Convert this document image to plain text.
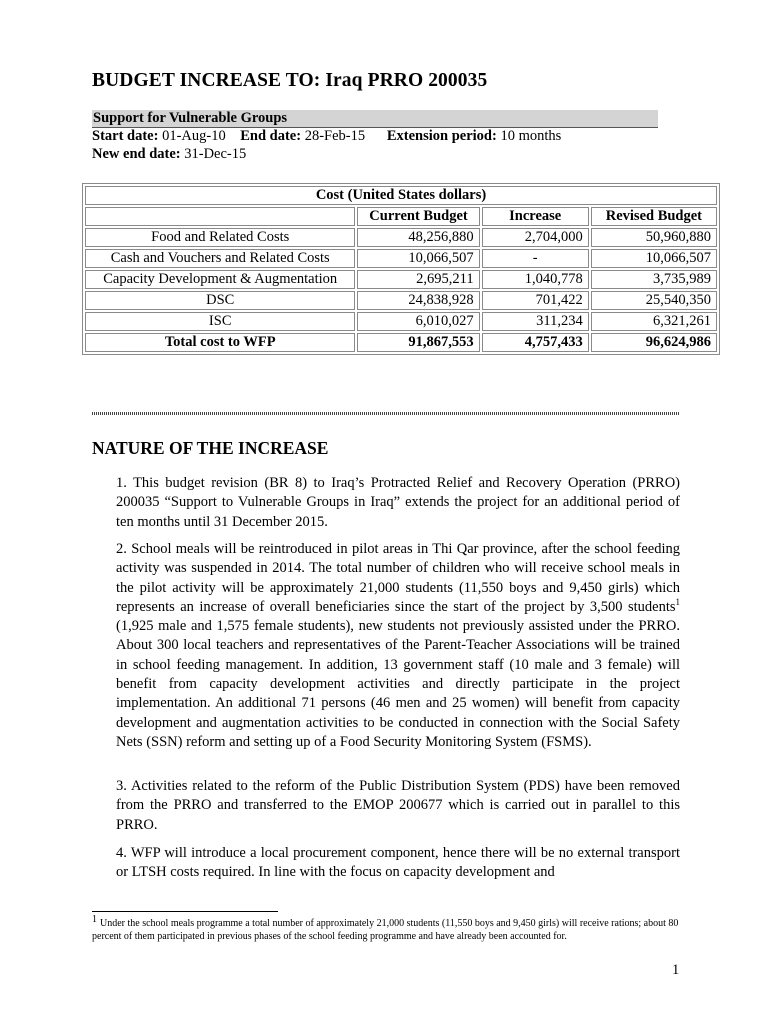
BUDGET INCREASE TO: Iraq PRRO 200035
Support for Vulnerable Groups
Start date: 01-Aug-10 End date: 28-Feb-15 Extension period: 10 months
New end date: 31-Dec-15
Cost (United States dollars)			
	Current Budget	Increase	Revised Budget
Food and Related Costs	48,256,880	2,704,000	50,960,880
Cash and Vouchers and Related Costs	10,066,507	-	10,066,507
Capacity Development & Augmentation	2,695,211	1,040,778	3,735,989
DSC	24,838,928	701,422	25,540,350
ISC	6,010,027	311,234	6,321,261
Total cost to WFP	91,867,553	4,757,433	96,624,986
NATURE OF THE INCREASE

1. This budget revision (BR 8) to Iraq’s Protracted Relief and Recovery Operation (PRRO) 200035 “Support to Vulnerable Groups in Iraq” extends the project for an additional period of ten months until 31 December 2015.

2. School meals will be reintroduced in pilot areas in Thi Qar province, after the school feeding activity was suspended in 2014. The total number of children who will receive school meals in the pilot activity will be approximately 21,000 students (11,550 boys and 9,450 girls) which represents an increase of overall beneficiaries since the start of the project by 3,500 students$^1$ (1,925 male and 1,575 female students), new students not previously assisted under the PRRO. About 300 local teachers and representatives of the Parent-Teacher Associations will be trained in school feeding management. In addition, 13 government staff (10 male and 3 female) will benefit from capacity development activities and directly participate in the project implementation. An additional 71 persons (46 men and 25 women) will benefit from capacity development and augmentation activities to be conducted in connection with the Social Safety Nets (SSN) reform and setting up of a Food Security Monitoring System (FSMS).

3. Activities related to the reform of the Public Distribution System (PDS) have been removed from the PRRO and transferred to the EMOP 200677 which is carried out in parallel to this PRRO.

4. WFP will introduce a local procurement component, hence there will be no external transport or LTSH costs required. In line with the focus on capacity development and

$^1$ Under the school meals programme a total number of approximately 21,000 students (11,550 boys and 9,450 girls) will receive rations; about 80 percent of them participated in previous phases of the school feeding programme and have already been accounted for.

1
